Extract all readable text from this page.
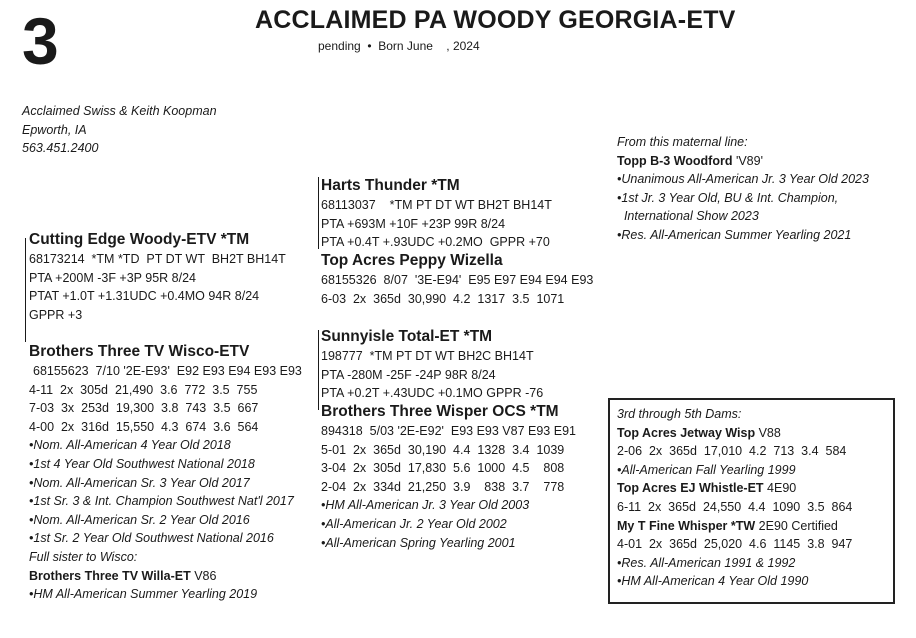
3	ACCLAIMED PA WOODY GEORGIA-ETV
pending  •  Born June    , 2024
Acclaimed Swiss & Keith Koopman
Epworth, IA
563.451.2400
Cutting Edge Woody-ETV *TM
68173214  *TM *TD  PT DT WT  BH2T BH14T
PTA +200M -3F +3P 95R 8/24
PTAT +1.0T +1.31UDC +0.4MO 94R 8/24
GPPR +3
Harts Thunder *TM
68113037    *TM PT DT WT BH2T BH14T
PTA +693M +10F +23P 99R 8/24
PTA +0.4T +.93UDC +0.2MO  GPPR +70
Top Acres Peppy Wizella
68155326  8/07  '3E-E94'  E95 E97 E94 E94 E93
6-03  2x  365d  30,990  4.2  1317  3.5  1071
Brothers Three TV Wisco-ETV
68155623  7/10 '2E-E93'  E92 E93 E94 E93 E93
4-11  2x  305d  21,490  3.6  772  3.5  755
7-03  3x  253d  19,300  3.8  743  3.5  667
4-00  2x  316d  15,550  4.3  674  3.6  564
•Nom. All-American 4 Year Old 2018
•1st 4 Year Old Southwest National 2018
•Nom. All-American Sr. 3 Year Old 2017
•1st Sr. 3 & Int. Champion Southwest Nat'l 2017
•Nom. All-American Sr. 2 Year Old 2016
•1st Sr. 2 Year Old Southwest National 2016
Full sister to Wisco:
Brothers Three TV Willa-ET V86
•HM All-American Summer Yearling 2019
Sunnyisle Total-ET *TM
198777  *TM PT DT WT BH2C BH14T
PTA -280M -25F -24P 98R 8/24
PTA +0.2T +.43UDC +0.1MO GPPR -76
Brothers Three Wisper OCS *TM
894318  5/03 '2E-E92'  E93 E93 V87 E93 E91
5-01  2x  365d  30,190  4.4  1328  3.4  1039
3-04  2x  305d  17,830  5.6  1000  4.5    808
2-04  2x  334d  21,250  3.9    838  3.7    778
•HM All-American Jr. 3 Year Old 2003
•All-American Jr. 2 Year Old 2002
•All-American Spring Yearling 2001
From this maternal line:
Topp B-3 Woodford 'V89'
•Unanimous All-American Jr. 3 Year Old 2023
•1st Jr. 3 Year Old, BU & Int. Champion,
International Show 2023
•Res. All-American Summer Yearling 2021
3rd through 5th Dams:
Top Acres Jetway Wisp V88
2-06  2x  365d  17,010  4.2  713  3.4  584
•All-American Fall Yearling 1999
Top Acres EJ Whistle-ET 4E90
6-11  2x  365d  24,550  4.4  1090  3.5  864
My T Fine Whisper *TW 2E90 Certified
4-01  2x  365d  25,020  4.6  1145  3.8  947
•Res. All-American 1991 & 1992
•HM All-American 4 Year Old 1990
